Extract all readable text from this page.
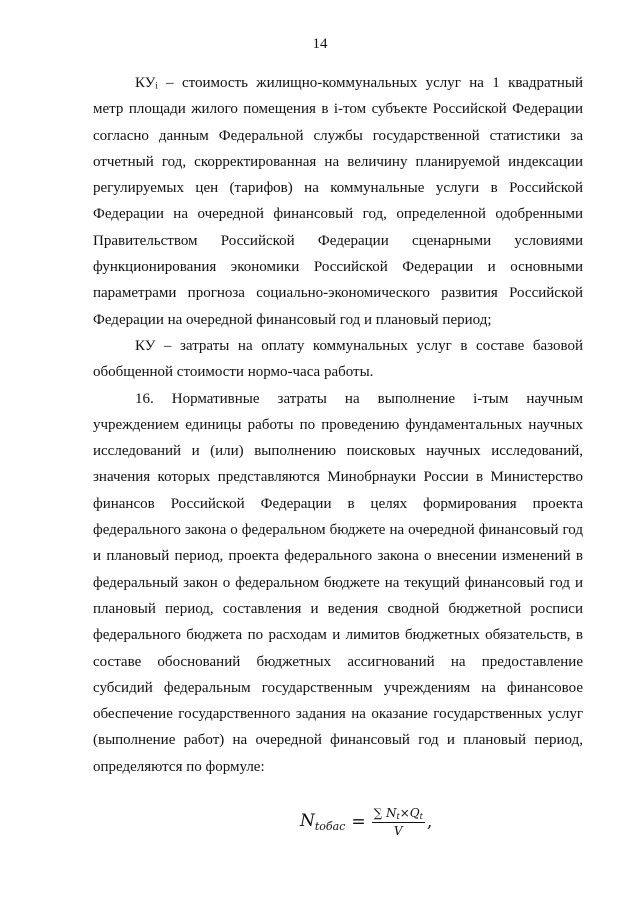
14

КУᵢ – стоимость жилищно-коммунальных услуг на 1 квадратный метр площади жилого помещения в i-том субъекте Российской Федерации согласно данным Федеральной службы государственной статистики за отчетный год, скорректированная на величину планируемой индексации регулируемых цен (тарифов) на коммунальные услуги в Российской Федерации на очередной финансовый год, определенной одобренными Правительством Российской Федерации сценарными условиями функционирования экономики Российской Федерации и основными параметрами прогноза социально-экономического развития Российской Федерации на очередной финансовый год и плановый период;

КУ – затраты на оплату коммунальных услуг в составе базовой обобщенной стоимости нормо-часа работы.

16. Нормативные затраты на выполнение i-тым научным учреждением единицы работы по проведению фундаментальных научных исследований и (или) выполнению поисковых научных исследований, значения которых представляются Минобрнауки России в Министерство финансов Российской Федерации в целях формирования проекта федерального закона о федеральном бюджете на очередной финансовый год и плановый период, проекта федерального закона о внесении изменений в федеральный закон о федеральном бюджете на текущий финансовый год и плановый период, составления и ведения сводной бюджетной росписи федерального бюджета по расходам и лимитов бюджетных обязательств, в составе обоснований бюджетных ассигнований на предоставление субсидий федеральным государственным учреждениям на финансовое обеспечение государственного задания на оказание государственных услуг (выполнение работ) на очередной финансовый год и плановый период, определяются по формуле:

$N_{tобас} = \frac{\sum N_t\times Q_t}{V}$ ,
